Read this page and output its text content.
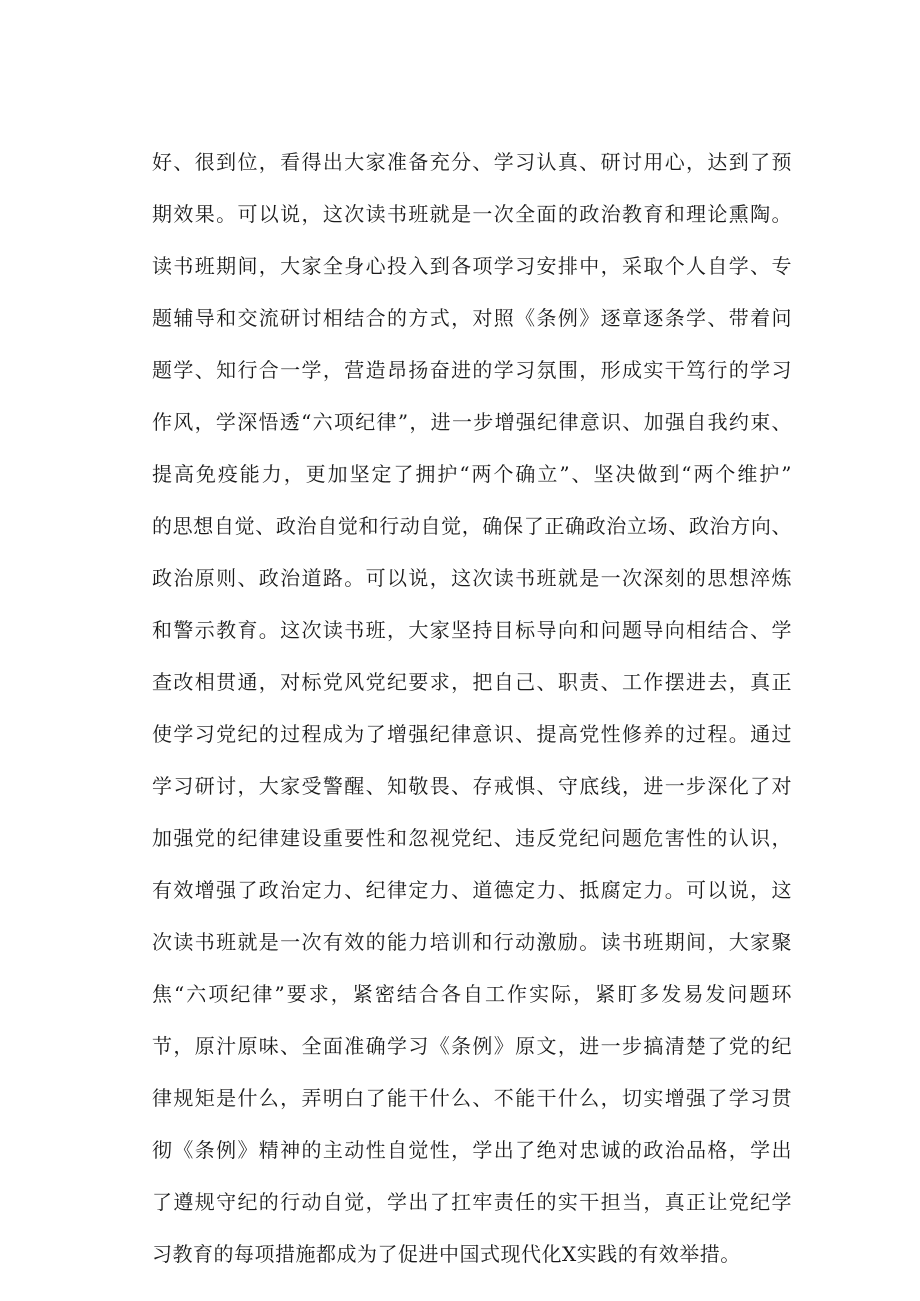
好、很到位，看得出大家准备充分、学习认真、研讨用心，达到了预
期效果。可以说，这次读书班就是一次全面的政治教育和理论熏陶。
读书班期间，大家全身心投入到各项学习安排中，采取个人自学、专
题辅导和交流研讨相结合的方式，对照《条例》逐章逐条学、带着问
题学、知行合一学，营造昂扬奋进的学习氛围，形成实干笃行的学习
作风，学深悟透“六项纪律”，进一步增强纪律意识、加强自我约束、
提高免疫能力，更加坚定了拥护“两个确立”、坚决做到“两个维护”
的思想自觉、政治自觉和行动自觉，确保了正确政治立场、政治方向、
政治原则、政治道路。可以说，这次读书班就是一次深刻的思想淬炼
和警示教育。这次读书班，大家坚持目标导向和问题导向相结合、学
查改相贯通，对标党风党纪要求，把自己、职责、工作摆进去，真正
使学习党纪的过程成为了增强纪律意识、提高党性修养的过程。通过
学习研讨，大家受警醒、知敬畏、存戒惧、守底线，进一步深化了对
加强党的纪律建设重要性和忽视党纪、违反党纪问题危害性的认识，
有效增强了政治定力、纪律定力、道德定力、抵腐定力。可以说，这
次读书班就是一次有效的能力培训和行动激励。读书班期间，大家聚
焦“六项纪律”要求，紧密结合各自工作实际，紧盯多发易发问题环
节，原汁原味、全面准确学习《条例》原文，进一步搞清楚了党的纪
律规矩是什么，弄明白了能干什么、不能干什么，切实增强了学习贯
彻《条例》精神的主动性自觉性，学出了绝对忠诚的政治品格，学出
了遵规守纪的行动自觉，学出了扛牢责任的实干担当，真正让党纪学
习教育的每项措施都成为了促进中国式现代化X实践的有效举措。
